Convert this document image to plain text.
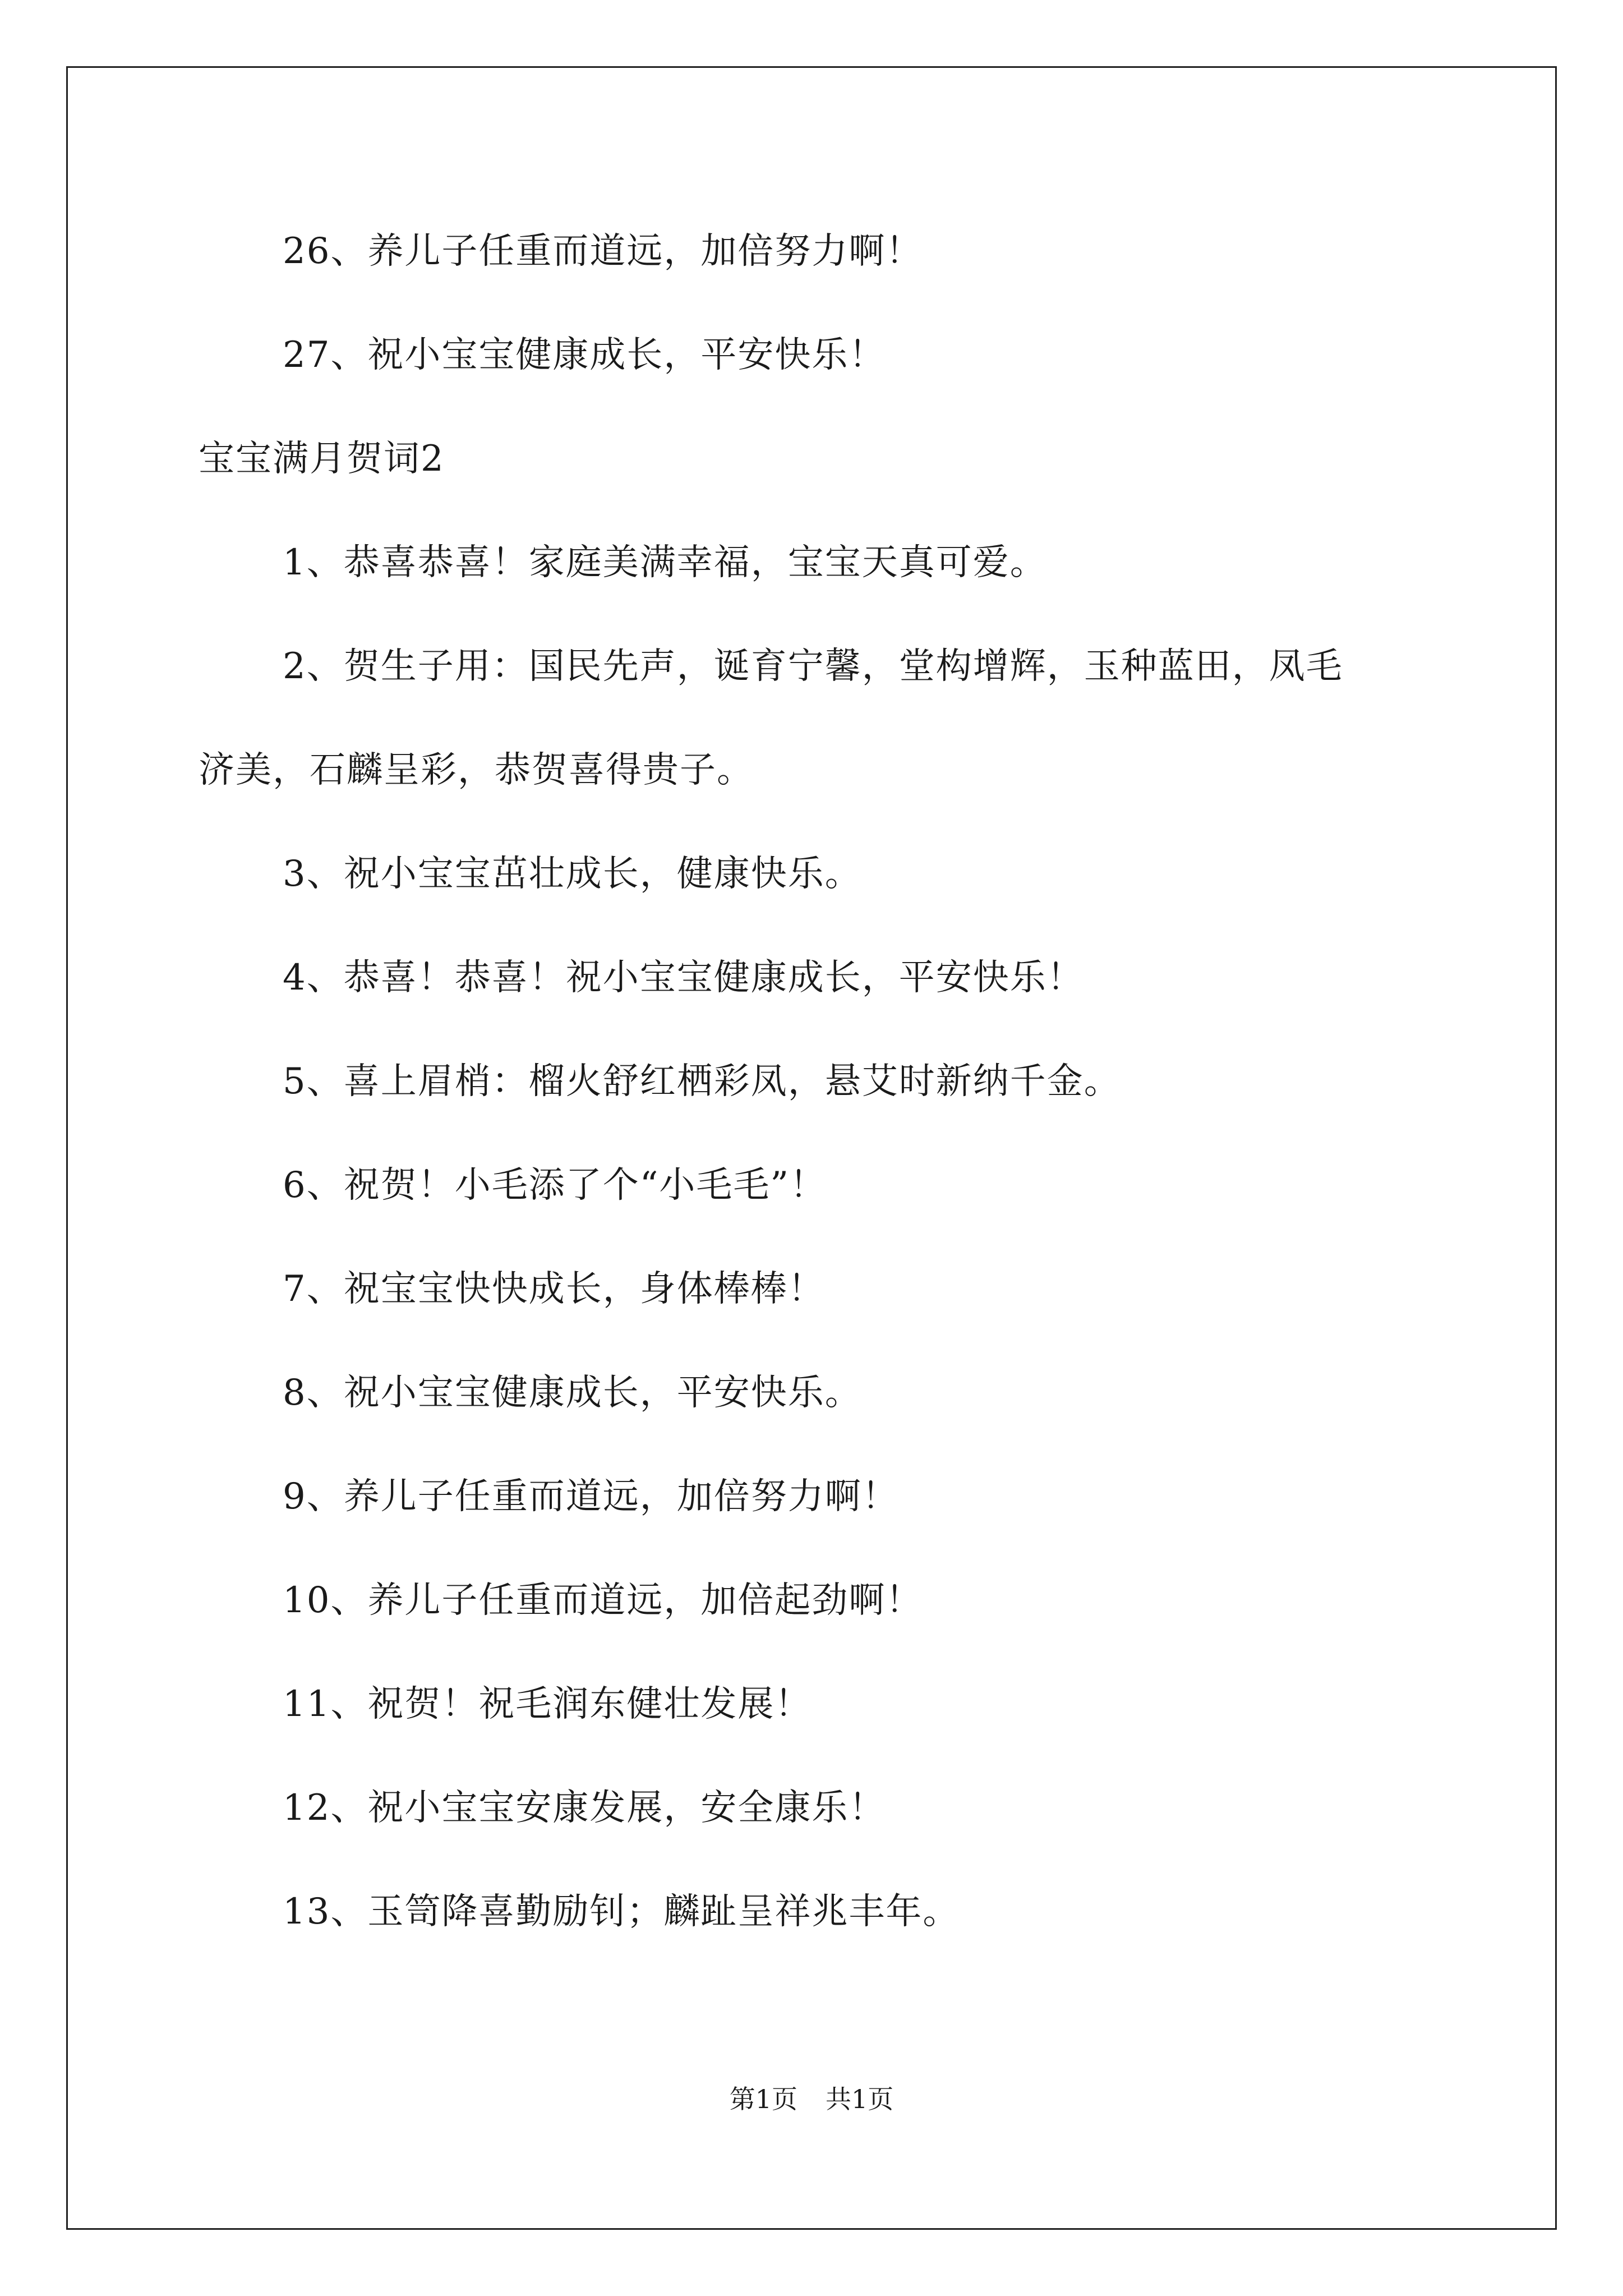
26、养儿子任重而道远，加倍努力啊！
27、祝小宝宝健康成长，平安快乐！
宝宝满月贺词2
1、恭喜恭喜！家庭美满幸福，宝宝天真可爱。
2、贺生子用：国民先声，诞育宁馨，堂构增辉，玉种蓝田，凤毛
济美，石麟呈彩，恭贺喜得贵子。
3、祝小宝宝茁壮成长，健康快乐。
4、恭喜！恭喜！祝小宝宝健康成长，平安快乐！
5、喜上眉梢：榴火舒红栖彩凤，悬艾时新纳千金。
6、祝贺！小毛添了个“小毛毛”！
7、祝宝宝快快成长，身体棒棒！
8、祝小宝宝健康成长，平安快乐。
9、养儿子任重而道远，加倍努力啊！
10、养儿子任重而道远，加倍起劲啊！
11、祝贺！祝毛润东健壮发展！
12、祝小宝宝安康发展，安全康乐！
13、玉笥降喜勤励钊；麟趾呈祥兆丰年。
第1页 共1页
